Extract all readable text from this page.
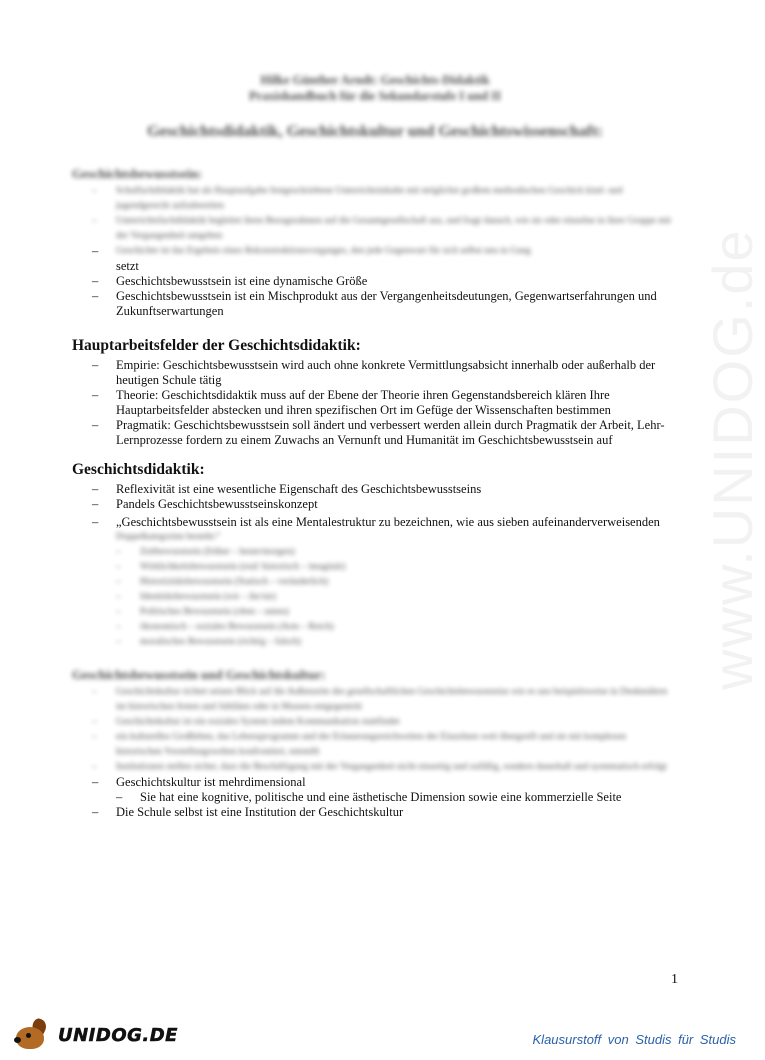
Hilke Günther Arndt: Geschichts-Didaktik
Praxishandbuch für die Sekundarstufe I und II
Geschichtsdidaktik, Geschichtskultur und Geschichtswissenschaft:
Geschichtsbewusstsein:
– Schulfachdidaktik hat als Hauptaufgabe festgeschriebene Unterrichtsinhalte mit möglichst großem methodischen Geschick kind- und jugendgerecht aufzubereiten
– Unterrichtsfachdidaktik begleitet ihren Bezugsrahmen auf die Gesamtgesellschaft aus, und fragt danach, wie sie oder einzelne in ihrer Gruppe mit der Vergangenheit umgehen
– Geschichte ist das Ergebnis eines Rekonstruktionsvorganges, den jede Gegenwart für sich selbst neu in Gang
setzt
– Geschichtsbewusstsein ist eine dynamische Größe
– Geschichtsbewusstsein ist ein Mischprodukt aus der Vergangenheitsdeutungen, Gegenwartserfahrungen und Zukunftserwartungen
Hauptarbeitsfelder der Geschichtsdidaktik:
– Empirie: Geschichtsbewusstsein wird auch ohne konkrete Vermittlungsabsicht innerhalb oder außerhalb der heutigen Schule tätig
– Theorie: Geschichtsdidaktik muss auf der Ebene der Theorie ihren Gegenstandsbereich klären Ihre Hauptarbeitsfelder abstecken und ihren spezifischen Ort im Gefüge der Wissenschaften bestimmen
– Pragmatik: Geschichtsbewusstsein soll ändert und verbessert werden allein durch Pragmatik der Arbeit, Lehr-Lernprozesse fordern zu einem Zuwachs an Vernunft und Humanität im Geschichtsbewusstsein auf
Geschichtsdidaktik:
– Reflexivität ist eine wesentliche Eigenschaft des Geschichtsbewusstseins
– Pandels Geschichtsbewusstseinskonzept
– „Geschichtsbewusstsein ist als eine Mentalestruktur zu bezeichnen, wie aus sieben aufeinanderverweisenden
Doppelkategorien besteht:“
– Zeitbewusstsein (früher – heute/morgen)
– Wirklichkeitsbewusstsein (real/ historisch – imaginär)
– Historizitätsbewusstsein (Statisch – veränderlich)
– Identitätsbewusstsein (wir – ihr/sie)
– Politisches Bewusstsein (oben – unten)
– ökonomisch – soziales Bewusstsein (Arm – Reich)
– moralisches Bewusstsein (richtig – falsch)
Geschichtsbewusstsein und Geschichtskultur:
– Geschichtskultur richtet seinen Blick auf die Außenseite des gesellschaftlichen Geschichtsbewusstseins wie es uns beispielsweise in Denkmälern im historischen festen und Jubiläen oder in Museen entgegentritt
– Geschichtskultur ist ein soziales System indem Kommunikation stattfindet
– ein kulturelles Großleben, das Lebensprogramm und der Erinnerungsreichweiten der Einzelnen weit übergreift und sie mit komplexen historischen Vorstellungswelten konfrontiert, entstellt
– Institutionen stellen sicher, dass die Beschäftigung mit der Vergangenheit nicht einseitig und zufällig, sondern dauerhaft und systematisch erfolgt
– Geschichtskultur ist mehrdimensional
– Sie hat eine kognitive, politische und eine ästhetische Dimension sowie eine kommerzielle Seite
– Die Schule selbst ist eine Institution der Geschichtskultur
www.UNIDOG.de
1
UNIDOG.DE	Klausurstoff von Studis für Studis
